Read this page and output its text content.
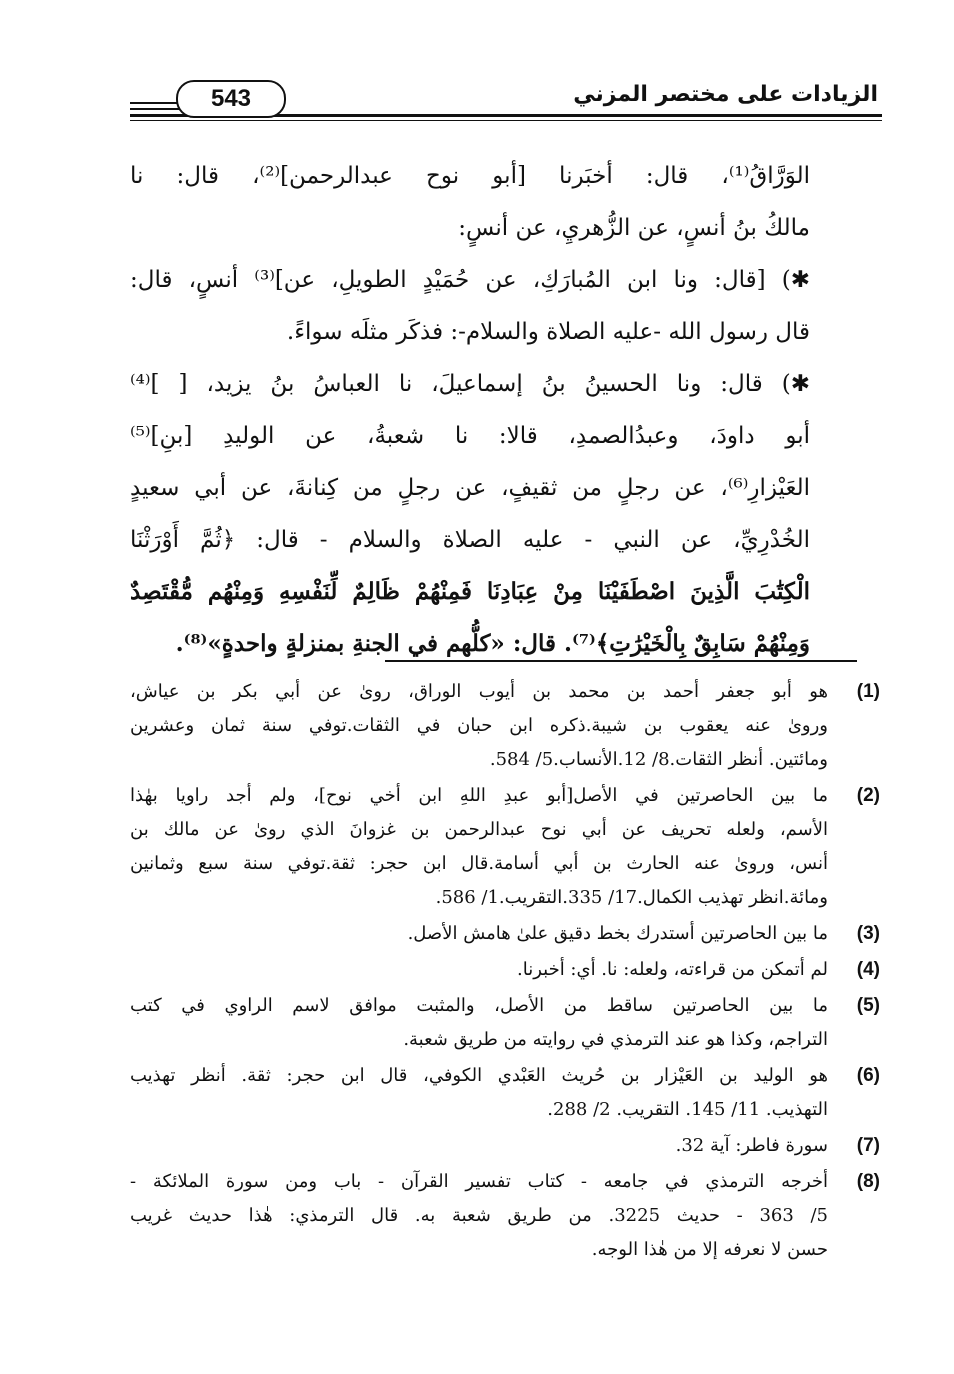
543	الزيادات على مختصر المزني
الوَرَّاقُ⁽¹⁾، قال: أخبَرنا [أبو نوح عبدالرحمن]⁽²⁾، قال: نا
مالكُ بنُ أنسٍ، عن الزُّهريِ، عن أنسٍ:
✱) [قال: ونا ابن المُبارَكِ، عن حُمَيْدٍ الطويلِ، عن]⁽³⁾ أنسٍ، قال:
قال رسول الله -عليه الصلاة والسلام-: فذكَر مثلَه سواءً.
✱) قال: ونا الحسينُ بنُ إسماعيلَ، نا العباسُ بنُ يزيد، [ ]⁽⁴⁾
أبو داودَ، وعبدُالصمدِ، قالا: نا شعبةُ، عن الوليدِ [بنِ]⁽⁵⁾
العَيْزارِ⁽⁶⁾، عن رجلٍ من ثقيفٍ، عن رجلٍ من كِنانةَ، عن أبي سعيدٍ
الخُدْرِيِّ، عن النبي - عليه الصلاة والسلام - قال: ﴿ثُمَّ أَوْرَثْنَا
الْكِتَٰبَ الَّذِينَ اصْطَفَيْنَا مِنْ عِبَادِنَا فَمِنْهُمْ ظَالِمٌ لِّنَفْسِهِ وَمِنْهُم مُّقْتَصِدٌ
وَمِنْهُمْ سَابِقٌ بِالْخَيْرَٰتِ﴾⁽⁷⁾. قال: «كلُّهم في الجنةِ بمنزلةٍ واحدةٍ»⁽⁸⁾.
(1)
هو أبو جعفر أحمد بن محمد بن أيوب الوراق، روىٰ عن أبي بكر بن عياش،
وروىٰ عنه يعقوب بن شيبة.ذكره ابن حبان في الثقات.توفي سنة ثمان وعشرين
ومائتين. أنظر الثقات.8/ 12.الأنساب.5/ 584.
(2)
ما بين الحاصرتين في الأصل[أبو عبدِ اللهِ ابن أخي نوح]، ولم أجد راويا بهٰذا
الأسم، ولعله تحريف عن أبي نوح عبدالرحمن بن غزوانَ الذي روىٰ عن مالك بن
أنس، وروىٰ عنه الحارث بن أبي أسامة.قال ابن حجر: ثقة.توفي سنة سبع وثمانين
ومائة.انظر تهذيب الكمال.17/ 335.التقريب.1/ 586.
(3)
ما بين الحاصرتين أستدرك بخط دقيق علىٰ هامش الأصل.
(4)
لم أتمكن من قراءته، ولعله: نا. أي: أخبرنا.
(5)
ما بين الحاصرتين ساقط من الأصل، والمثبت موافق لاسم الراوي في كتب
التراجم، وكذا هو عند الترمذي في روايته من طريق شعبة.
(6)
هو الوليد بن العَيْزار بن حُريث العَبْدي الكوفي، قال ابن حجر: ثقة. أنظر تهذيب
التهذيب. 11/ 145. التقريب. 2/ 288.
(7)
سورة فاطر: آية 32.
(8)
أخرجه الترمذي في جامعه - كتاب تفسير القرآن - باب ومن سورة الملائكة -
5/ 363 - حديث 3225. من طريق شعبة به. قال الترمذي: هٰذا حديث غريب
حسن لا نعرفه إلا من هٰذا الوجه.
